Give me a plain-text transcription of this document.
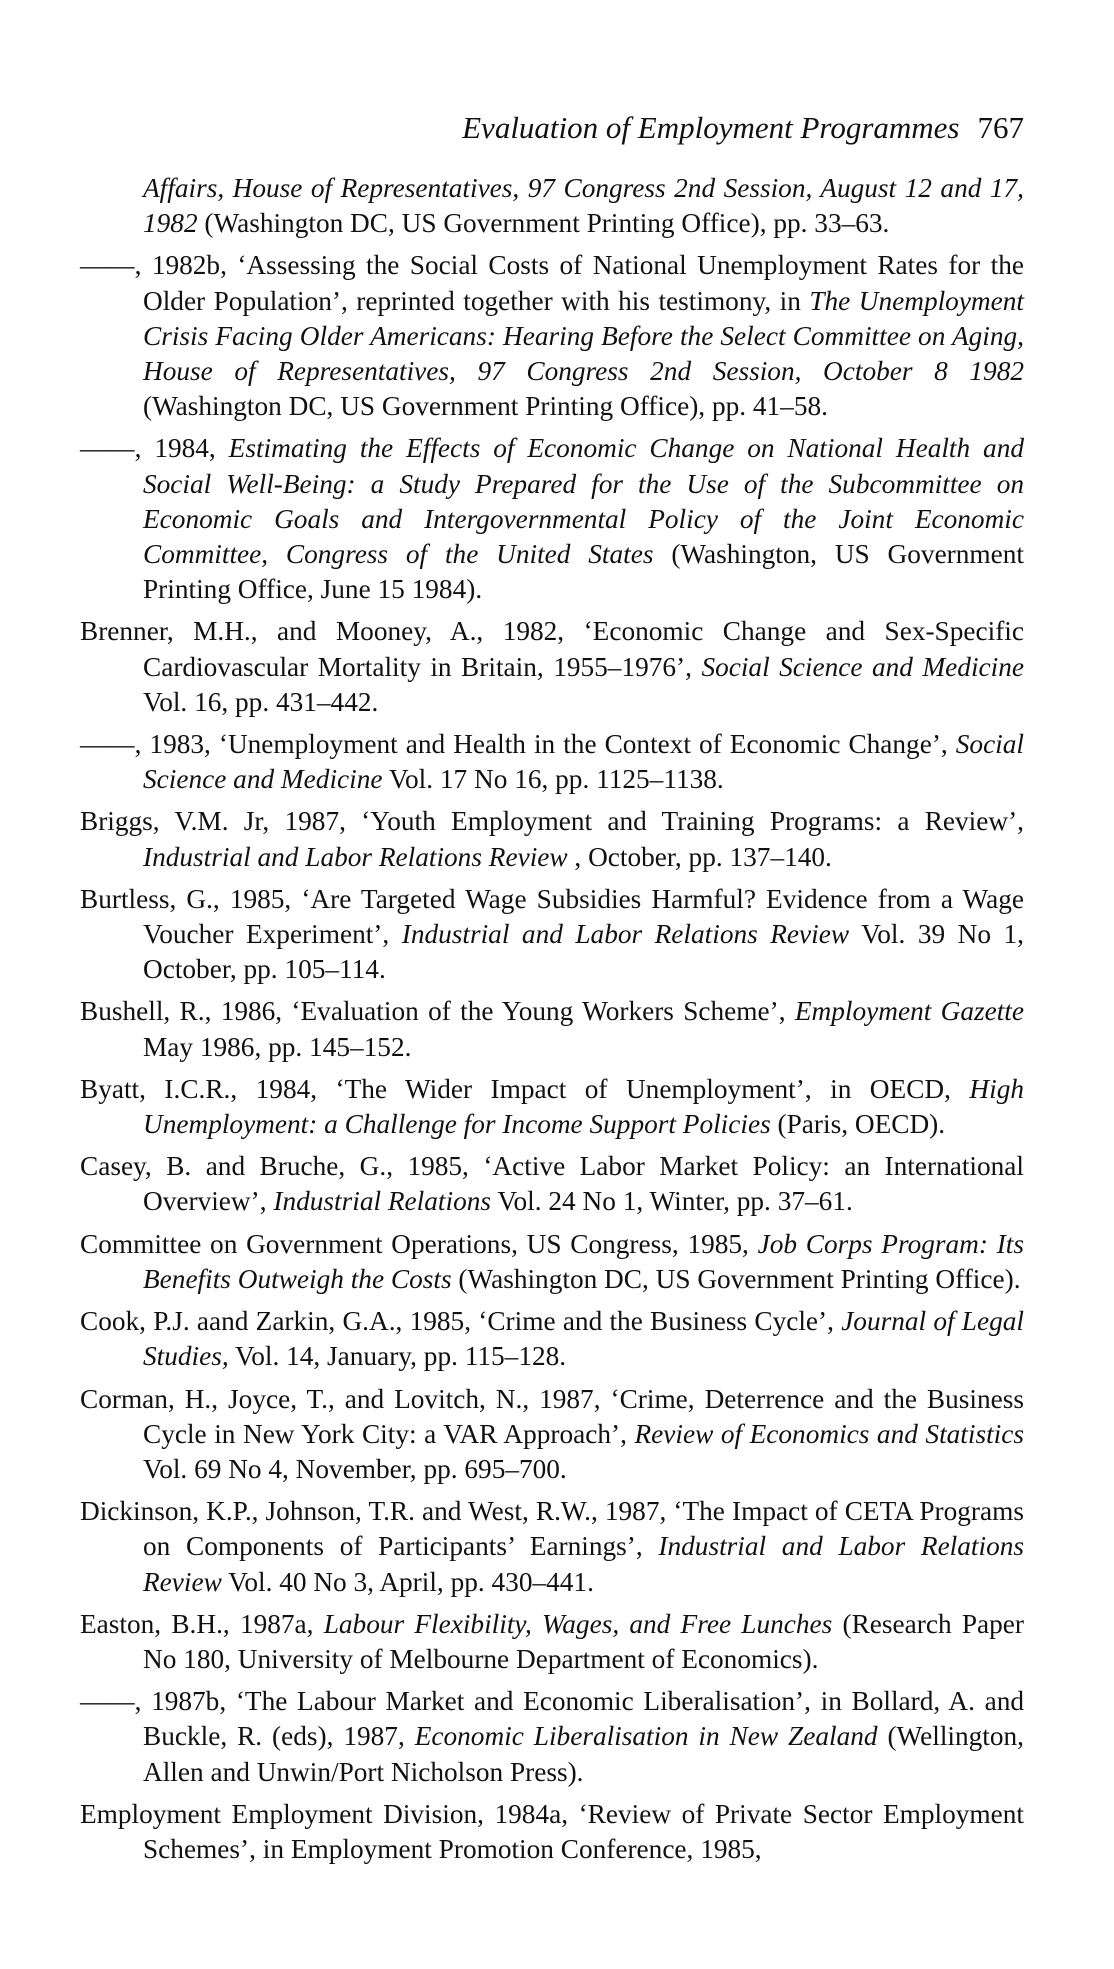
Evaluation of Employment Programmes 767

Affairs, House of Representatives, 97 Congress 2nd Session, August 12 and 17, 1982 (Washington DC, US Government Printing Office), pp. 33–63.

——, 1982b, ‘Assessing the Social Costs of National Unemployment Rates for the Older Population’, reprinted together with his testimony, in The Unemployment Crisis Facing Older Americans: Hearing Before the Select Committee on Aging, House of Representatives, 97 Congress 2nd Session, October 8 1982 (Washington DC, US Government Printing Office), pp. 41–58.

——, 1984, Estimating the Effects of Economic Change on National Health and Social Well-Being: a Study Prepared for the Use of the Subcommittee on Economic Goals and Intergovernmental Policy of the Joint Economic Committee, Congress of the United States (Washington, US Government Printing Office, June 15 1984).

Brenner, M.H., and Mooney, A., 1982, ‘Economic Change and Sex-Specific Cardiovascular Mortality in Britain, 1955–1976’, Social Science and Medicine Vol. 16, pp. 431–442.

——, 1983, ‘Unemployment and Health in the Context of Economic Change’, Social Science and Medicine Vol. 17 No 16, pp. 1125–1138.

Briggs, V.M. Jr, 1987, ‘Youth Employment and Training Programs: a Review’, Industrial and Labor Relations Review , October, pp. 137–140.

Burtless, G., 1985, ‘Are Targeted Wage Subsidies Harmful? Evidence from a Wage Voucher Experiment’, Industrial and Labor Relations Review Vol. 39 No 1, October, pp. 105–114.

Bushell, R., 1986, ‘Evaluation of the Young Workers Scheme’, Employment Gazette May 1986, pp. 145–152.

Byatt, I.C.R., 1984, ‘The Wider Impact of Unemployment’, in OECD, High Unemployment: a Challenge for Income Support Policies (Paris, OECD).

Casey, B. and Bruche, G., 1985, ‘Active Labor Market Policy: an International Overview’, Industrial Relations Vol. 24 No 1, Winter, pp. 37–61.

Committee on Government Operations, US Congress, 1985, Job Corps Program: Its Benefits Outweigh the Costs (Washington DC, US Government Printing Office).

Cook, P.J. aand Zarkin, G.A., 1985, ‘Crime and the Business Cycle’, Journal of Legal Studies, Vol. 14, January, pp. 115–128.

Corman, H., Joyce, T., and Lovitch, N., 1987, ‘Crime, Deterrence and the Business Cycle in New York City: a VAR Approach’, Review of Economics and Statistics Vol. 69 No 4, November, pp. 695–700.

Dickinson, K.P., Johnson, T.R. and West, R.W., 1987, ‘The Impact of CETA Programs on Components of Participants’ Earnings’, Industrial and Labor Relations Review Vol. 40 No 3, April, pp. 430–441.

Easton, B.H., 1987a, Labour Flexibility, Wages, and Free Lunches (Research Paper No 180, University of Melbourne Department of Economics).

——, 1987b, ‘The Labour Market and Economic Liberalisation’, in Bollard, A. and Buckle, R. (eds), 1987, Economic Liberalisation in New Zealand (Wellington, Allen and Unwin/Port Nicholson Press).

Employment Employment Division, 1984a, ‘Review of Private Sector Employment Schemes’, in Employment Promotion Conference, 1985,
